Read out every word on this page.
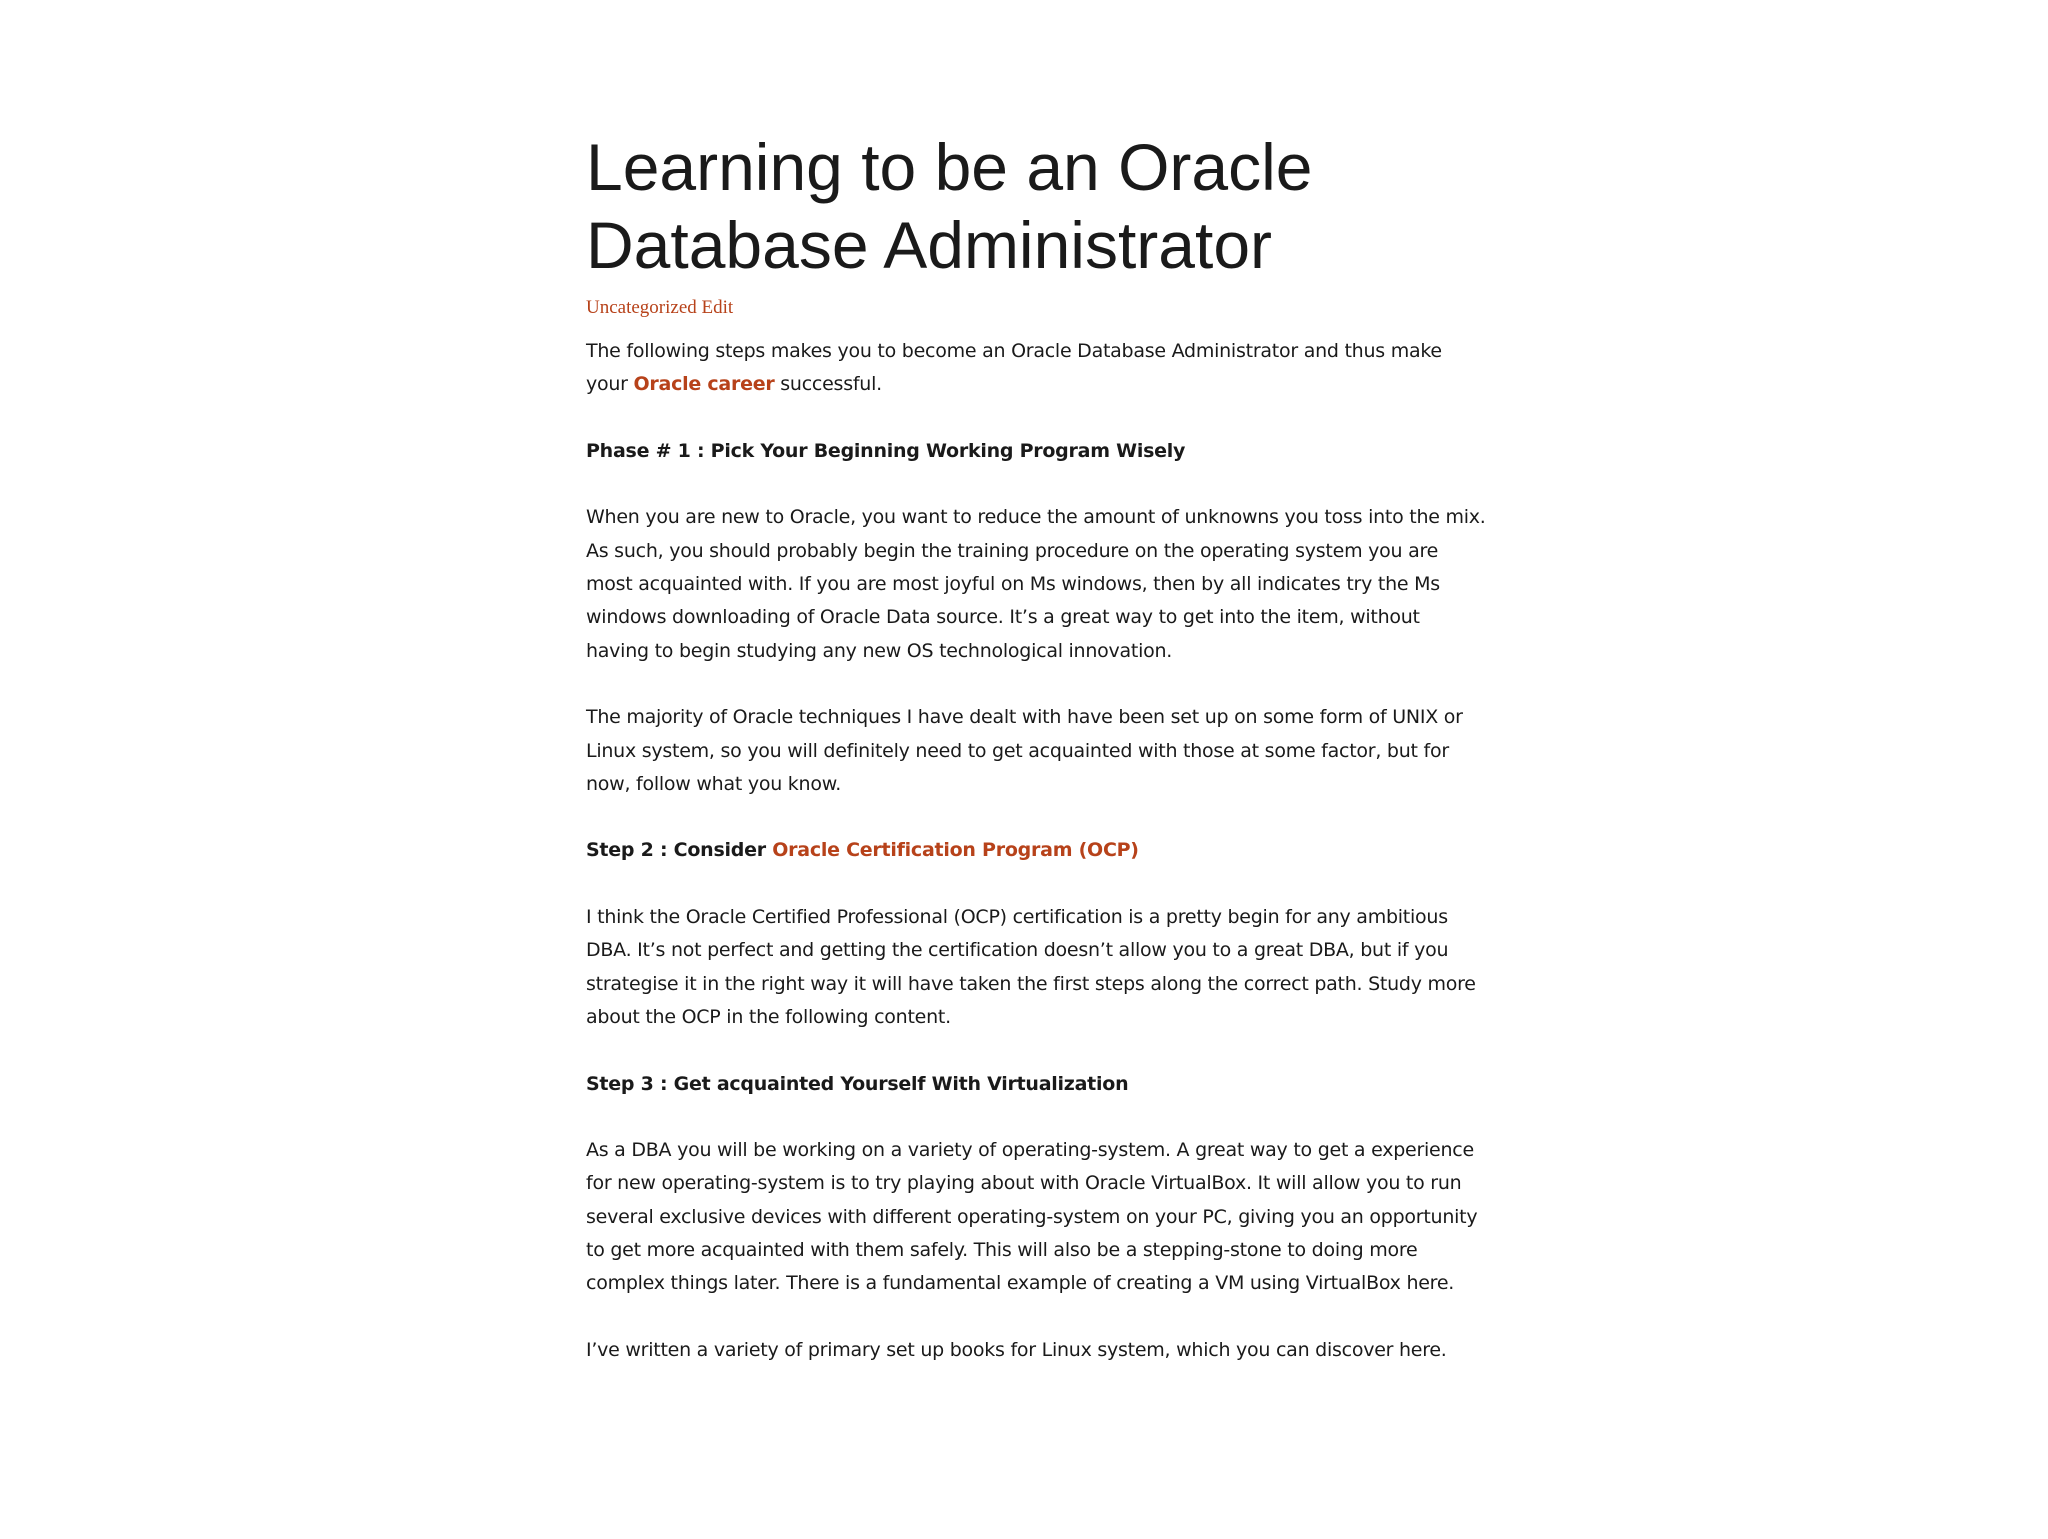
Learning to be an Oracle
Database Administrator
Uncategorized Edit

The following steps makes you to become an Oracle Database Administrator and thus make your Oracle career successful.

Phase # 1 : Pick Your Beginning Working Program Wisely

When you are new to Oracle, you want to reduce the amount of unknowns you toss into the mix. As such, you should probably begin the training procedure on the operating system you are most acquainted with. If you are most joyful on Ms windows, then by all indicates try the Ms windows downloading of Oracle Data source. It’s a great way to get into the item, without having to begin studying any new OS technological innovation.

The majority of Oracle techniques I have dealt with have been set up on some form of UNIX or Linux system, so you will definitely need to get acquainted with those at some factor, but for now, follow what you know.

Step 2 : Consider Oracle Certification Program (OCP)

I think the Oracle Certified Professional (OCP) certification is a pretty begin for any ambitious DBA. It’s not perfect and getting the certification doesn’t allow you to a great DBA, but if you strategise it in the right way it will have taken the first steps along the correct path. Study more about the OCP in the following content.

Step 3 : Get acquainted Yourself With Virtualization

As a DBA you will be working on a variety of operating-system. A great way to get a experience for new operating-system is to try playing about with Oracle VirtualBox. It will allow you to run several exclusive devices with different operating-system on your PC, giving you an opportunity to get more acquainted with them safely. This will also be a stepping-stone to doing more complex things later. There is a fundamental example of creating a VM using VirtualBox here.

I’ve written a variety of primary set up books for Linux system, which you can discover here.
